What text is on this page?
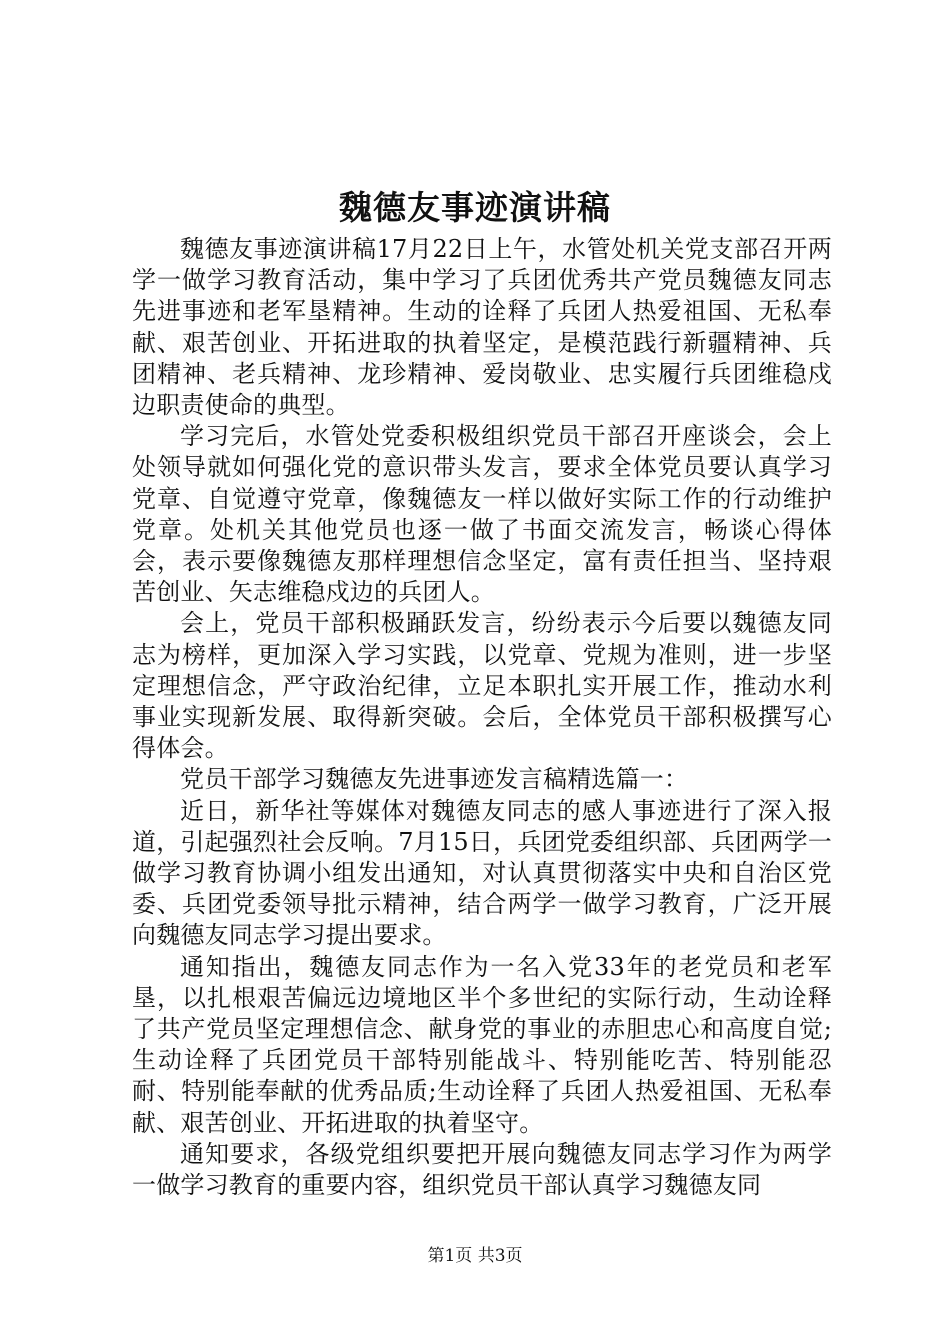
魏德友事迹演讲稿

魏德友事迹演讲稿17月22日上午，水管处机关党支部召开两学一做学习教育活动，集中学习了兵团优秀共产党员魏德友同志先进事迹和老军垦精神。生动的诠释了兵团人热爱祖国、无私奉献、艰苦创业、开拓进取的执着坚定，是模范践行新疆精神、兵团精神、老兵精神、龙珍精神、爱岗敬业、忠实履行兵团维稳戍边职责使命的典型。

学习完后，水管处党委积极组织党员干部召开座谈会，会上处领导就如何强化党的意识带头发言，要求全体党员要认真学习党章、自觉遵守党章，像魏德友一样以做好实际工作的行动维护党章。处机关其他党员也逐一做了书面交流发言，畅谈心得体会，表示要像魏德友那样理想信念坚定，富有责任担当、坚持艰苦创业、矢志维稳戍边的兵团人。

会上，党员干部积极踊跃发言，纷纷表示今后要以魏德友同志为榜样，更加深入学习实践，以党章、党规为准则，进一步坚定理想信念，严守政治纪律，立足本职扎实开展工作，推动水利事业实现新发展、取得新突破。会后，全体党员干部积极撰写心得体会。

党员干部学习魏德友先进事迹发言稿精选篇一：

近日，新华社等媒体对魏德友同志的感人事迹进行了深入报道，引起强烈社会反响。7月15日，兵团党委组织部、兵团两学一做学习教育协调小组发出通知，对认真贯彻落实中央和自治区党委、兵团党委领导批示精神，结合两学一做学习教育，广泛开展向魏德友同志学习提出要求。

通知指出，魏德友同志作为一名入党33年的老党员和老军垦，以扎根艰苦偏远边境地区半个多世纪的实际行动，生动诠释了共产党员坚定理想信念、献身党的事业的赤胆忠心和高度自觉;生动诠释了兵团党员干部特别能战斗、特别能吃苦、特别能忍耐、特别能奉献的优秀品质;生动诠释了兵团人热爱祖国、无私奉献、艰苦创业、开拓进取的执着坚守。

通知要求，各级党组织要把开展向魏德友同志学习作为两学一做学习教育的重要内容，组织党员干部认真学习魏德友同

第1页 共3页
